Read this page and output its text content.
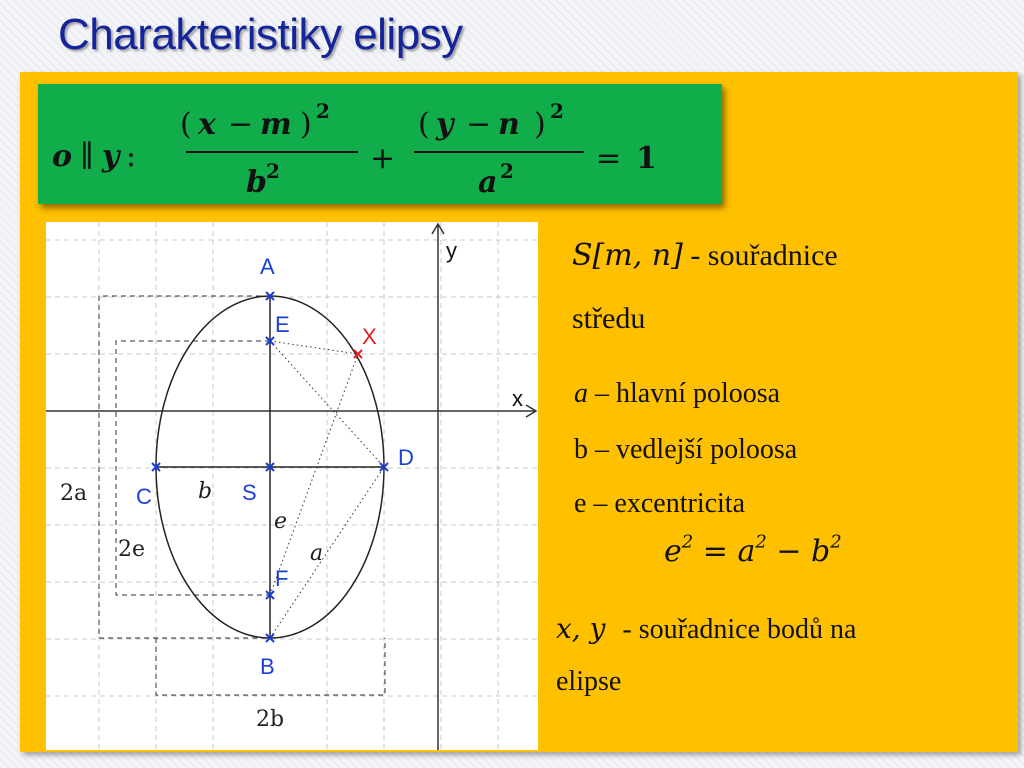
Charakteristiky elipsy
o ∥ y :
( x − m ) 2
b 2	+
( y − n ) 2
a 2	= 1
y
x
A
E
D
C	S
F
B
X
2a
2e
2b
b
e
a
S[m, n] - souřadnice
středu
a – hlavní poloosa
b – vedlejší poloosa
e – excentricita
$e^2 = a^2 - b^2$
x, y - souřadnice bodů na
elipse
